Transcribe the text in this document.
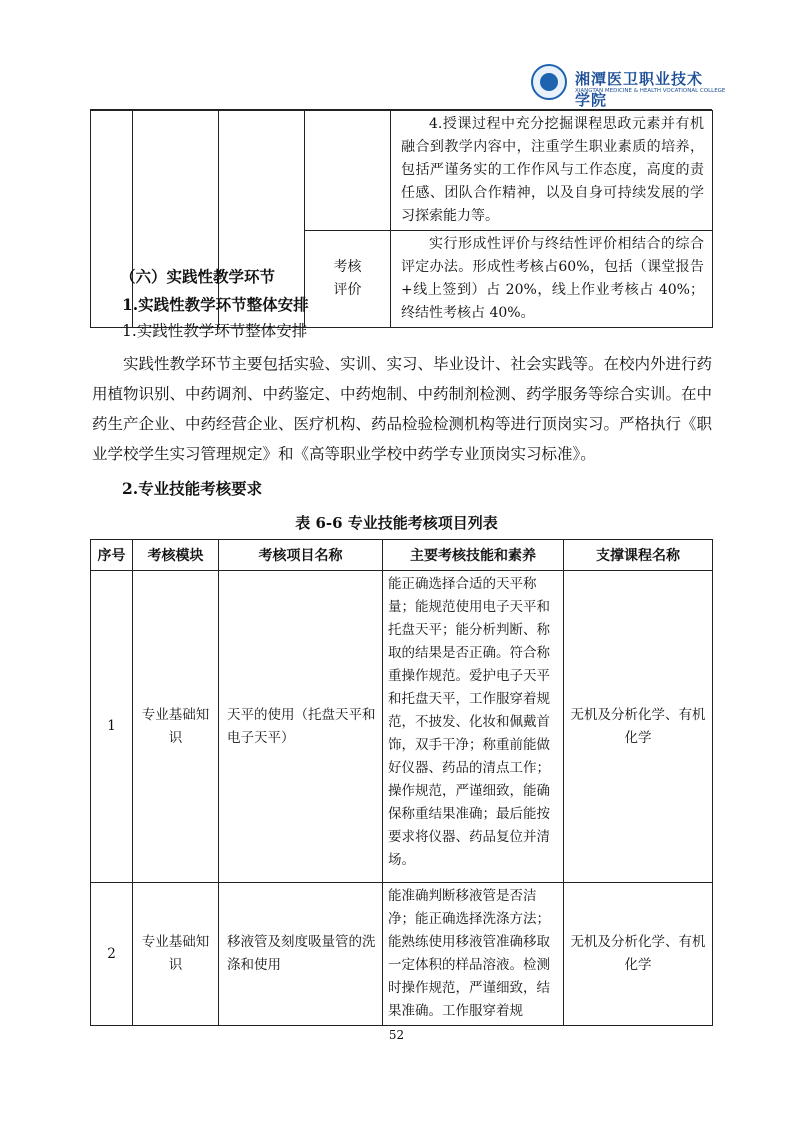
湘潭医卫职业技术学院
XIANGTAN MEDICINE & HEALTH VOCATIONAL COLLEGE
				4.授课过程中充分挖掘课程思政元素并有机融合到教学内容中，注重学生职业素质的培养，包括严谨务实的工作作风与工作态度，高度的责任感、团队合作精神，以及自身可持续发展的学习探索能力等。
			考核评价	实行形成性评价与终结性评价相结合的综合评定办法。形成性考核占60%，包括（课堂报告+线上签到）占 20%，线上作业考核占 40%；终结性考核占 40%。
（六）实践性教学环节
1.实践性教学环节整体安排
1.实践性教学环节整体安排
实践性教学环节主要包括实验、实训、实习、毕业设计、社会实践等。在校内外进行药用植物识别、中药调剂、中药鉴定、中药炮制、中药制剂检测、药学服务等综合实训。在中药生产企业、中药经营企业、医疗机构、药品检验检测机构等进行顶岗实习。严格执行《职业学校学生实习管理规定》和《高等职业学校中药学专业顶岗实习标准》。
2.专业技能考核要求
表 6-6 专业技能考核项目列表
序号	考核模块	考核项目名称	主要考核技能和素养	支撑课程名称
1	专业基础知识	天平的使用（托盘天平和电子天平）	能正确选择合适的天平称量；能规范使用电子天平和托盘天平；能分析判断、称取的结果是否正确。符合称重操作规范。爱护电子天平和托盘天平，工作服穿着规范，不披发、化妆和佩戴首饰，双手干净；称重前能做好仪器、药品的清点工作；操作规范，严谨细致，能确保称重结果准确；最后能按要求将仪器、药品复位并清场。	无机及分析化学、有机化学
2	专业基础知识	移液管及刻度吸量管的洗涤和使用	能准确判断移液管是否洁净；能正确选择洗涤方法；能熟练使用移液管准确移取一定体积的样品溶液。检测时操作规范，严谨细致，结果准确。工作服穿着规	无机及分析化学、有机化学
52
